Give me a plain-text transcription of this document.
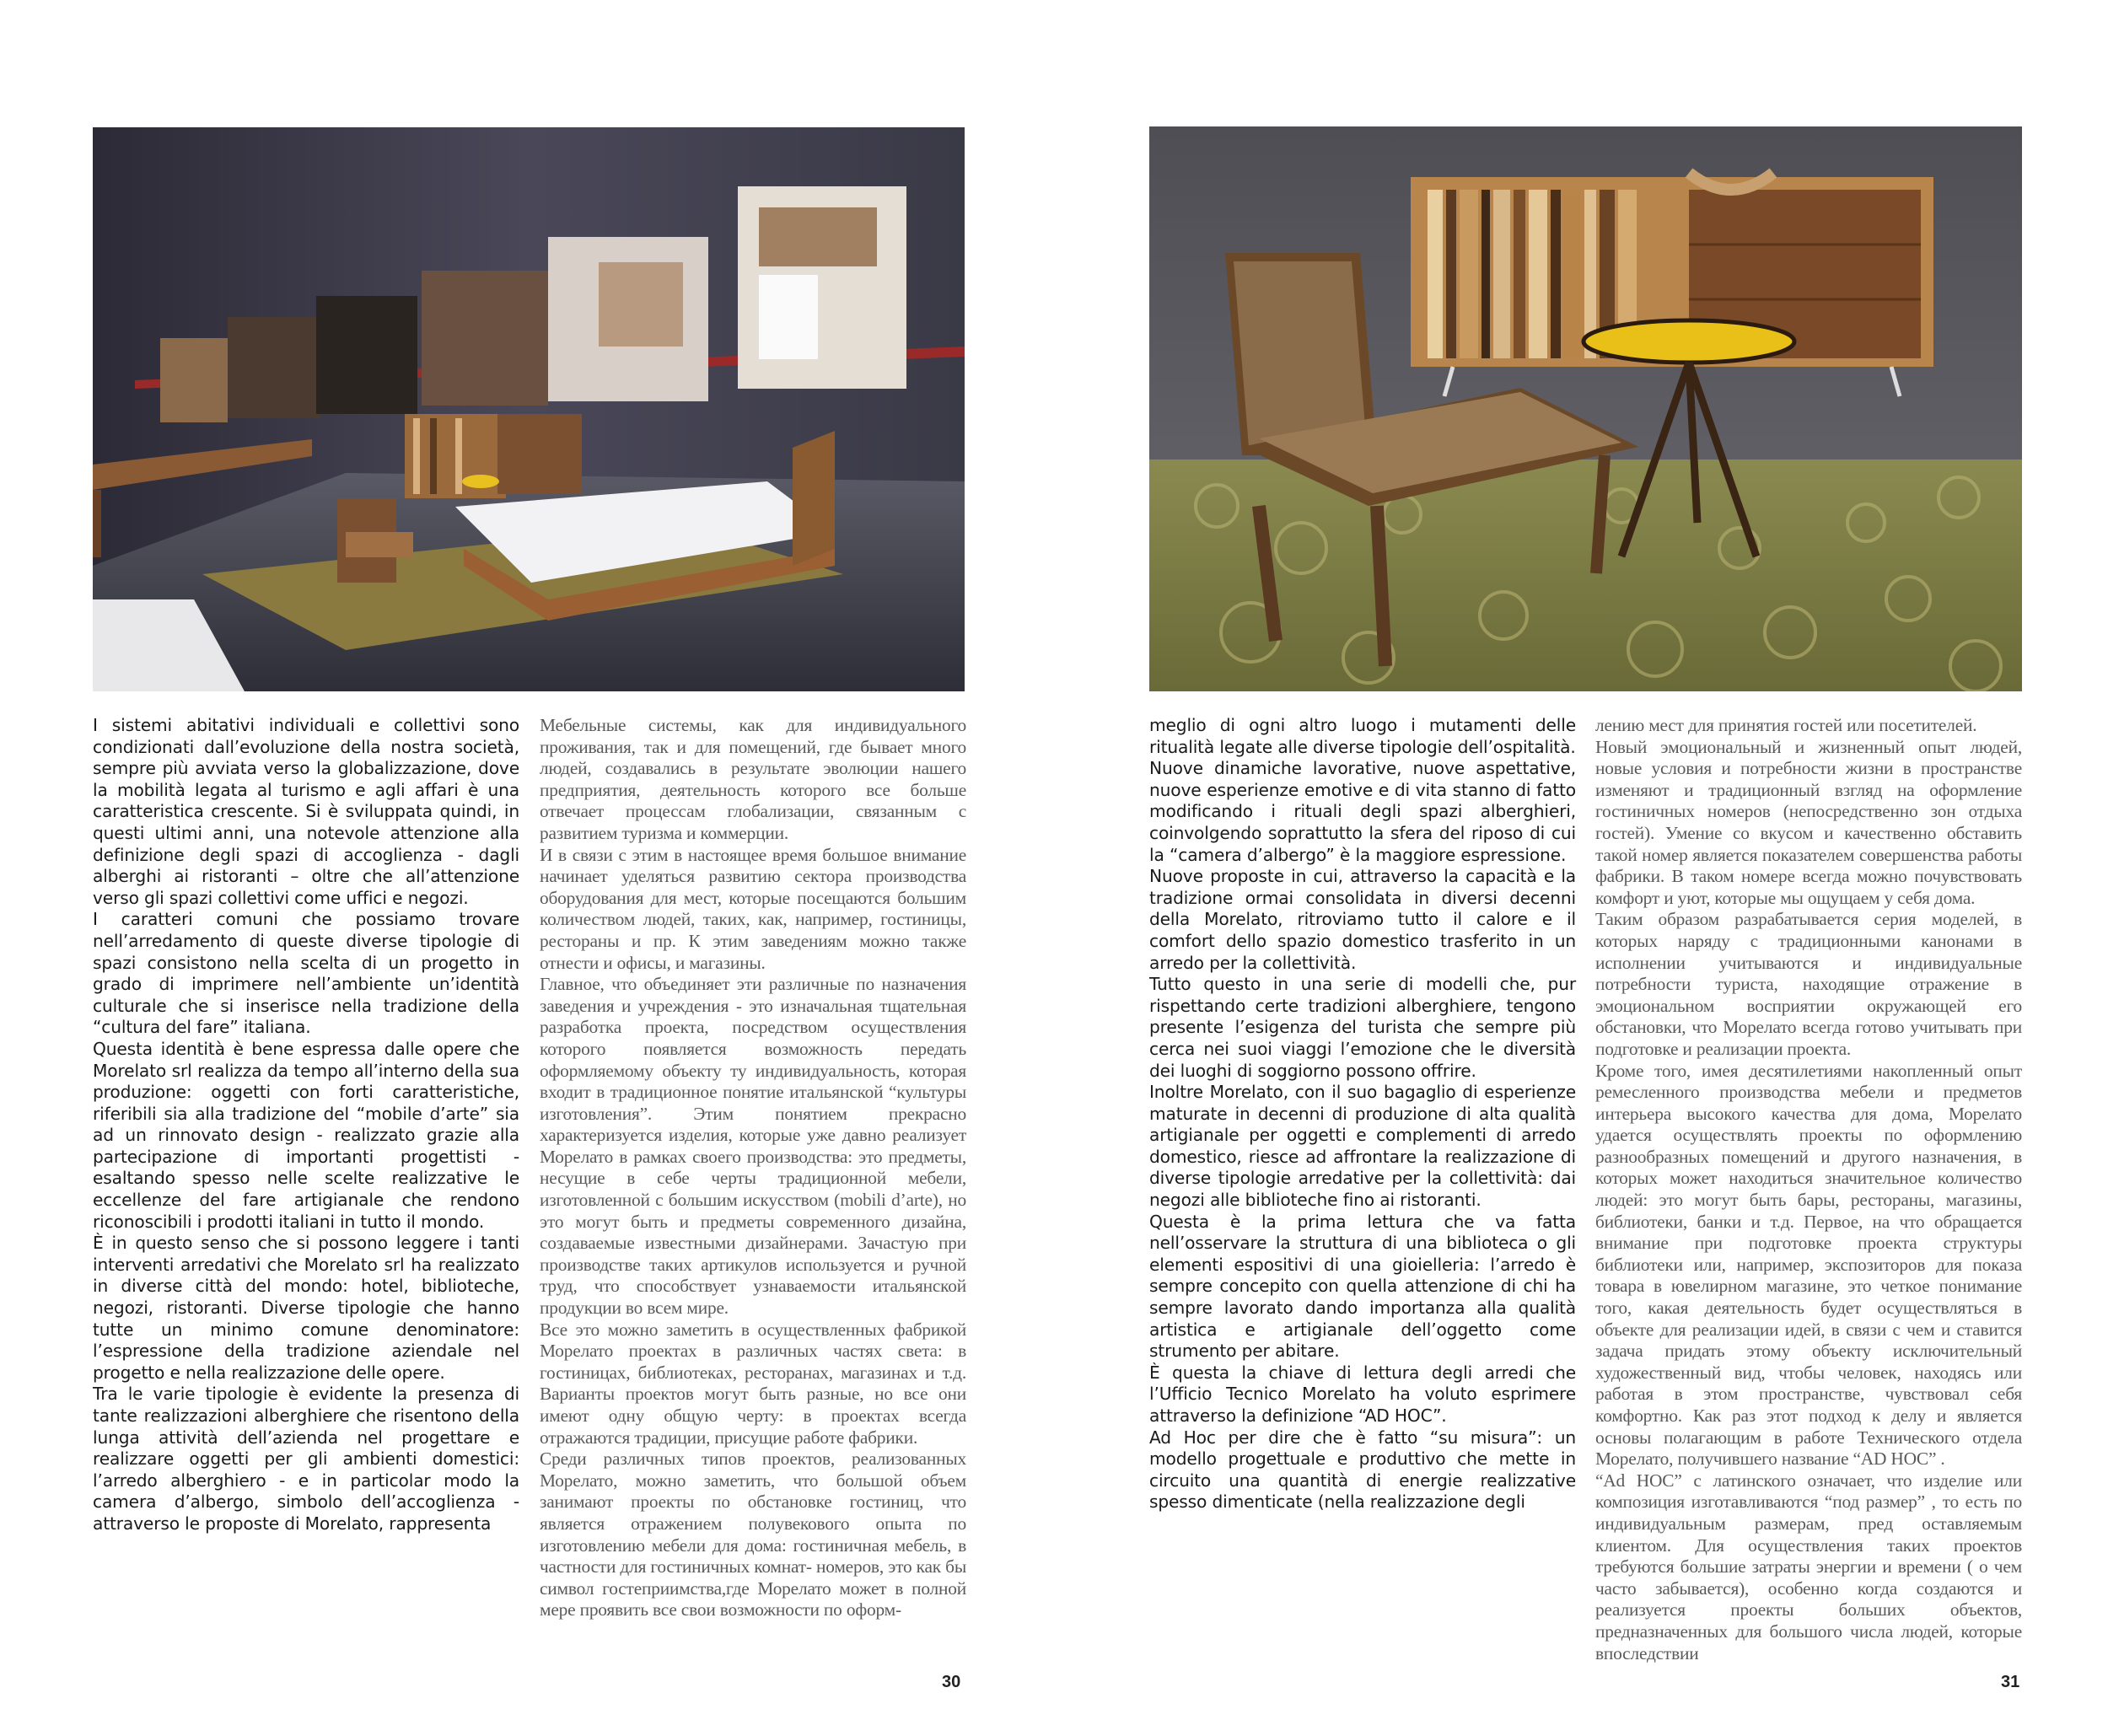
I sistemi abitativi individuali e collettivi sono condizionati dall’evoluzione della nostra società, sempre più avviata verso la globalizzazione, dove la mobilità legata al turismo e agli affari è una caratteristica crescente. Si è sviluppata quindi, in questi ultimi anni, una notevole attenzione alla definizione degli spazi di accoglienza - dagli alberghi ai ristoranti – oltre che all’attenzione verso gli spazi collettivi come uffici e negozi.

I caratteri comuni che possiamo trovare nell’arredamento di queste diverse tipologie di spazi consistono nella scelta di un progetto in grado di imprimere nell’ambiente un’identità culturale che si inserisce nella tradizione della “cultura del fare” italiana.

Questa identità è bene espressa dalle opere che Morelato srl realizza da tempo all’interno della sua produzione: oggetti con forti caratteristiche, riferibili sia alla tradizione del “mobile d’arte” sia ad un rinnovato design - realizzato grazie alla partecipazione di importanti progettisti - esaltando spesso nelle scelte realizzative le eccellenze del fare artigianale che rendono riconoscibili i prodotti italiani in tutto il mondo.

È in questo senso che si possono leggere i tanti interventi arredativi che Morelato srl ha realizzato in diverse città del mondo: hotel, biblioteche, negozi, ristoranti. Diverse tipologie che hanno tutte un minimo comune denominatore: l’espressione della tradizione aziendale nel progetto e nella realizzazione delle opere.

Tra le varie tipologie è evidente la presenza di tante realizzazioni alberghiere che risentono della lunga attività dell’azienda nel progettare e realizzare oggetti per gli ambienti domestici: l’arredo alberghiero - e in particolar modo la camera d’albergo, simbolo dell’accoglienza - attraverso le proposte di Morelato, rappresenta

Мебельные системы, как для индивидуального проживания, так и для помещений, где бывает много людей, создавались в результате эволюции нашего предприятия, деятельность которого все больше отвечает процессам глобализации, связанным с развитием туризма и коммерции.

И в связи с этим в настоящее время большое внимание начинает уделяться развитию сектора производства оборудования для мест, которые посещаются большим количеством людей, таких, как, например, гостиницы, рестораны и пр. К этим заведениям можно также отнести и офисы, и магазины.

Главное, что объединяет эти различные по назначения заведения и учреждения - это изначальная тщательная разработка проекта, посредством осуществления которого появляется возможность передать оформляемому объекту ту индивидуальность, которая входит в традиционное понятие итальянской “культуры изготовления”. Этим понятием прекрасно характеризуется изделия, которые уже давно реализует Морелато в рамках своего производства: это предметы, несущие в себе черты традиционной мебели, изготовленной с большим искусством (mobili d’arte), но это могут быть и предметы современного дизайна, создаваемые известными дизайнерами. Зачастую при производстве таких артикулов используется и ручной труд, что способствует узнаваемости итальянской продукции во всем мире.

Все это можно заметить в осуществленных фабрикой Морелато проектах в различных частях света: в гостиницах, библиотеках, ресторанах, магазинах и т.д. Варианты проектов могут быть разные, но все они имеют одну общую черту: в проектах всегда отражаются традиции, присущие работе фабрики.

Среди различных типов проектов, реализованных Морелато, можно заметить, что большой объем занимают проекты по обстановке гостиниц, что является отражением полувекового опыта по изготовлению мебели для дома: гостиничная мебель, в частности для гостиничных комнат- номеров, это как бы символ гостеприимства,где Морелато может в полной мере проявить все свои возможности по оформ-

meglio di ogni altro luogo i mutamenti delle ritualità legate alle diverse tipologie dell’ospitalità.

Nuove dinamiche lavorative, nuove aspettative, nuove esperienze emotive e di vita stanno di fatto modificando i rituali degli spazi alberghieri, coinvolgendo soprattutto la sfera del riposo di cui la “camera d’albergo” è la maggiore espressione.

Nuove proposte in cui, attraverso la capacità e la tradizione ormai consolidata in diversi decenni della Morelato, ritroviamo tutto il calore e il comfort dello spazio domestico trasferito in un arredo per la collettività.

Tutto questo in una serie di modelli che, pur rispettando certe tradizioni alberghiere, tengono presente l’esigenza del turista che sempre più cerca nei suoi viaggi l’emozione che le diversità dei luoghi di soggiorno possono offrire.

Inoltre Morelato, con il suo bagaglio di esperienze maturate in decenni di produzione di alta qualità artigianale per oggetti e complementi di arredo domestico, riesce ad affrontare la realizzazione di diverse tipologie arredative per la collettività: dai negozi alle biblioteche fino ai ristoranti.

Questa è la prima lettura che va fatta nell’osservare la struttura di una biblioteca o gli elementi espositivi di una gioielleria: l’arredo è sempre concepito con quella attenzione di chi ha sempre lavorato dando importanza alla qualità artistica e artigianale dell’oggetto come strumento per abitare.

È questa la chiave di lettura degli arredi che l’Ufficio Tecnico Morelato ha voluto esprimere attraverso la definizione “AD HOC”.

Ad Hoc per dire che è fatto “su misura”: un modello progettuale e produttivo che mette in circuito una quantità di energie realizzative spesso dimenticate (nella realizzazione degli

лению мест для принятия гостей или посетителей.

Новый эмоциональный и жизненный опыт людей, новые условия и потребности жизни в пространстве изменяют и традиционный взгляд на оформление гостиничных номеров (непосредственно зон отдыха гостей). Умение со вкусом и качественно обставить такой номер является показателем совершенства работы фабрики. В таком номере всегда можно почувствовать комфорт и уют, которые мы ощущаем у себя дома.

Таким образом разрабатывается серия моделей, в которых наряду с традиционными канонами в исполнении учитываются и индивидуальные потребности туриста, находящие отражение в эмоциональном восприятии окружающей его обстановки, что Морелато всегда готово учитывать при подготовке и реализации проекта.

Кроме того, имея десятилетиями накопленный опыт ремесленного производства мебели и предметов интерьера высокого качества для дома, Морелато удается осуществлять проекты по оформлению разнообразных помещений и другого назначения, в которых может находиться значительное количество людей: это могут быть бары, рестораны, магазины, библиотеки, банки и т.д. Первое, на что обращается внимание при подготовке проекта структуры библиотеки или, например, экспозиторов для показа товара в ювелирном магазине, это четкое понимание того, какая деятельность будет осуществляться в объекте для реализации идей, в связи с чем и ставится задача придать этому объекту исключительный художественный вид, чтобы человек, находясь или работая в этом пространстве, чувствовал себя комфортно. Как раз этот подход к делу и является основы полагающим в работе Технического отдела Морелато, получившего название “AD HOC” .

“Ad HOC” с латинского означает, что изделие или композиция изготавливаются “под размер” , то есть по индивидуальным размерам, пред оставляемым клиентом. Для осуществления таких проектов требуются большие затраты энергии и времени ( о чем часто забывается), особенно когда создаются и реализуется проекты больших объектов, предназначенных для большого числа людей, которые впоследствии

30	31
